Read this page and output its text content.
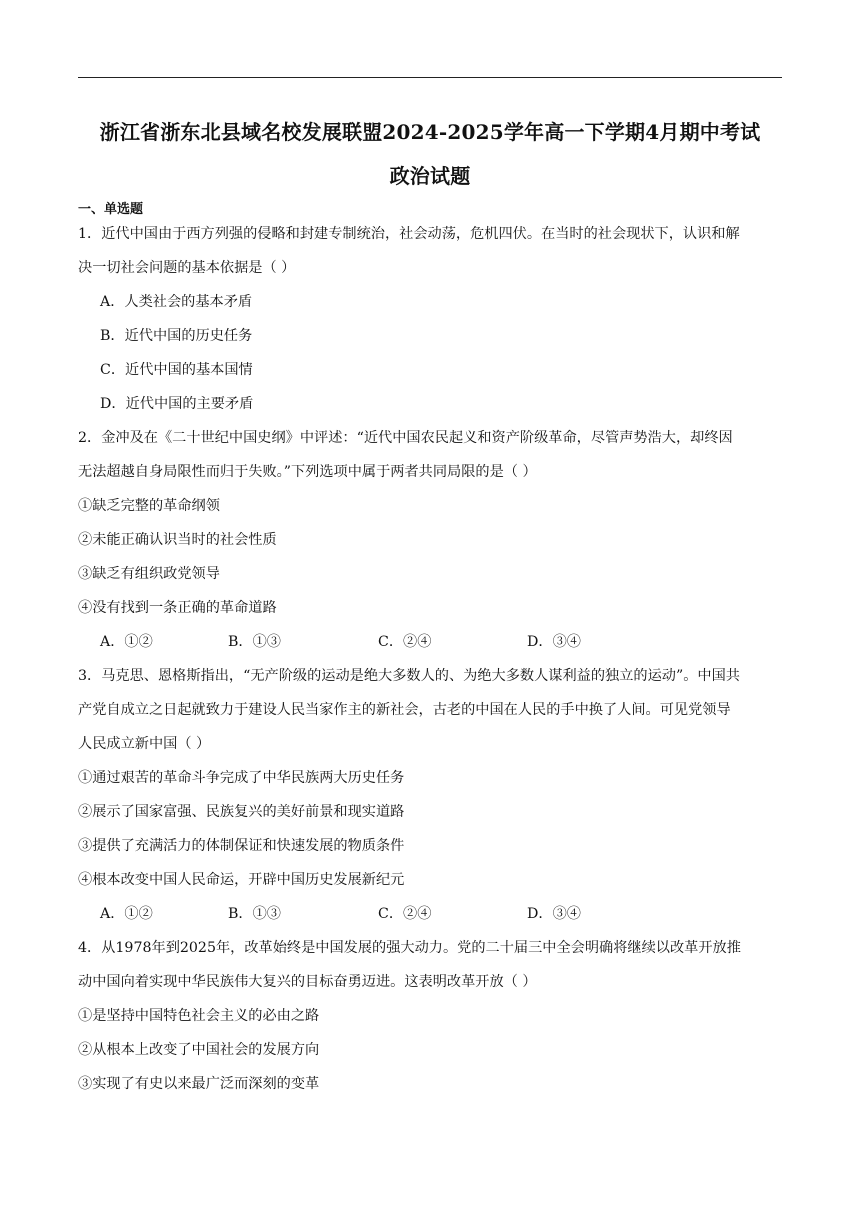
浙江省浙东北县域名校发展联盟2024-2025学年高一下学期4月期中考试
政治试题
一、单选题
1．近代中国由于西方列强的侵略和封建专制统治，社会动荡，危机四伏。在当时的社会现状下，认识和解
决一切社会问题的基本依据是（ ）
A．人类社会的基本矛盾
B．近代中国的历史任务
C．近代中国的基本国情
D．近代中国的主要矛盾
2．金冲及在《二十世纪中国史纲》中评述：“近代中国农民起义和资产阶级革命，尽管声势浩大，却终因
无法超越自身局限性而归于失败。”下列选项中属于两者共同局限的是（ ）
①缺乏完整的革命纲领
②未能正确认识当时的社会性质
③缺乏有组织政党领导
④没有找到一条正确的革命道路
A．①②	B．①③	C．②④	D．③④
3．马克思、恩格斯指出，“无产阶级的运动是绝大多数人的、为绝大多数人谋利益的独立的运动”。中国共
产党自成立之日起就致力于建设人民当家作主的新社会，古老的中国在人民的手中换了人间。可见党领导
人民成立新中国（ ）
①通过艰苦的革命斗争完成了中华民族两大历史任务
②展示了国家富强、民族复兴的美好前景和现实道路
③提供了充满活力的体制保证和快速发展的物质条件
④根本改变中国人民命运，开辟中国历史发展新纪元
A．①②	B．①③	C．②④	D．③④
4．从1978年到2025年，改革始终是中国发展的强大动力。党的二十届三中全会明确将继续以改革开放推
动中国向着实现中华民族伟大复兴的目标奋勇迈进。这表明改革开放（ ）
①是坚持中国特色社会主义的必由之路
②从根本上改变了中国社会的发展方向
③实现了有史以来最广泛而深刻的变革
